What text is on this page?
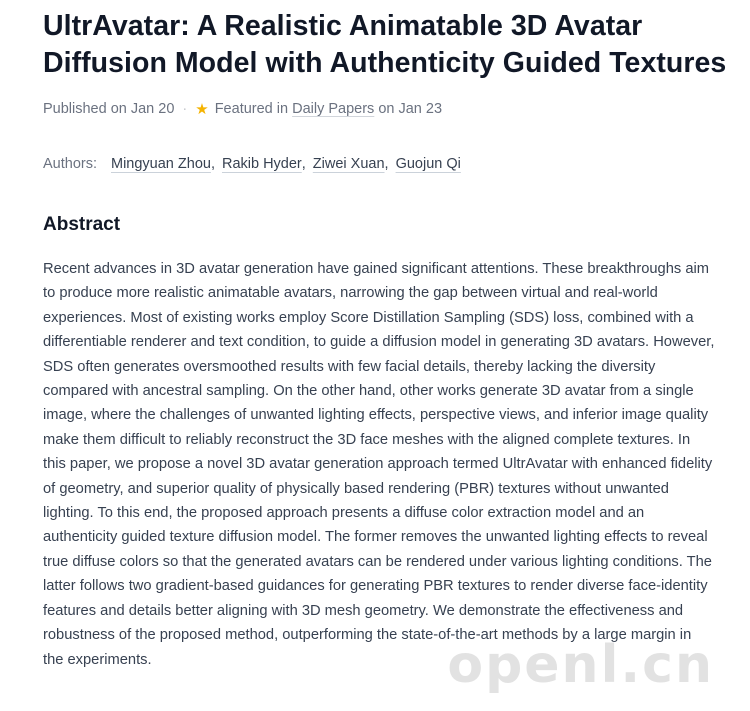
UltrAvatar: A Realistic Animatable 3D Avatar Diffusion Model with Authenticity Guided Textures
Published on Jan 20 · ★ Featured in
Daily Papers
on Jan 23
Authors: Mingyuan Zhou , Rakib Hyder , Ziwei Xuan , Guojun Qi
Abstract

Recent advances in 3D avatar generation have gained significant attentions. These breakthroughs aim to produce more realistic animatable avatars, narrowing the gap between virtual and real-world experiences. Most of existing works employ Score Distillation Sampling (SDS) loss, combined with a differentiable renderer and text condition, to guide a diffusion model in generating 3D avatars. However, SDS often generates oversmoothed results with few facial details, thereby lacking the diversity compared with ancestral sampling. On the other hand, other works generate 3D avatar from a single image, where the challenges of unwanted lighting effects, perspective views, and inferior image quality make them difficult to reliably reconstruct the 3D face meshes with the aligned complete textures. In this paper, we propose a novel 3D avatar generation approach termed UltrAvatar with enhanced fidelity of geometry, and superior quality of physically based rendering (PBR) textures without unwanted lighting. To this end, the proposed approach presents a diffuse color extraction model and an authenticity guided texture diffusion model. The former removes the unwanted lighting effects to reveal true diffuse colors so that the generated avatars can be rendered under various lighting conditions. The latter follows two gradient-based guidances for generating PBR textures to render diverse face-identity features and details better aligning with 3D mesh geometry. We demonstrate the effectiveness and robustness of the proposed method, outperforming the state-of-the-art methods by a large margin in the experiments.	openl.cn
